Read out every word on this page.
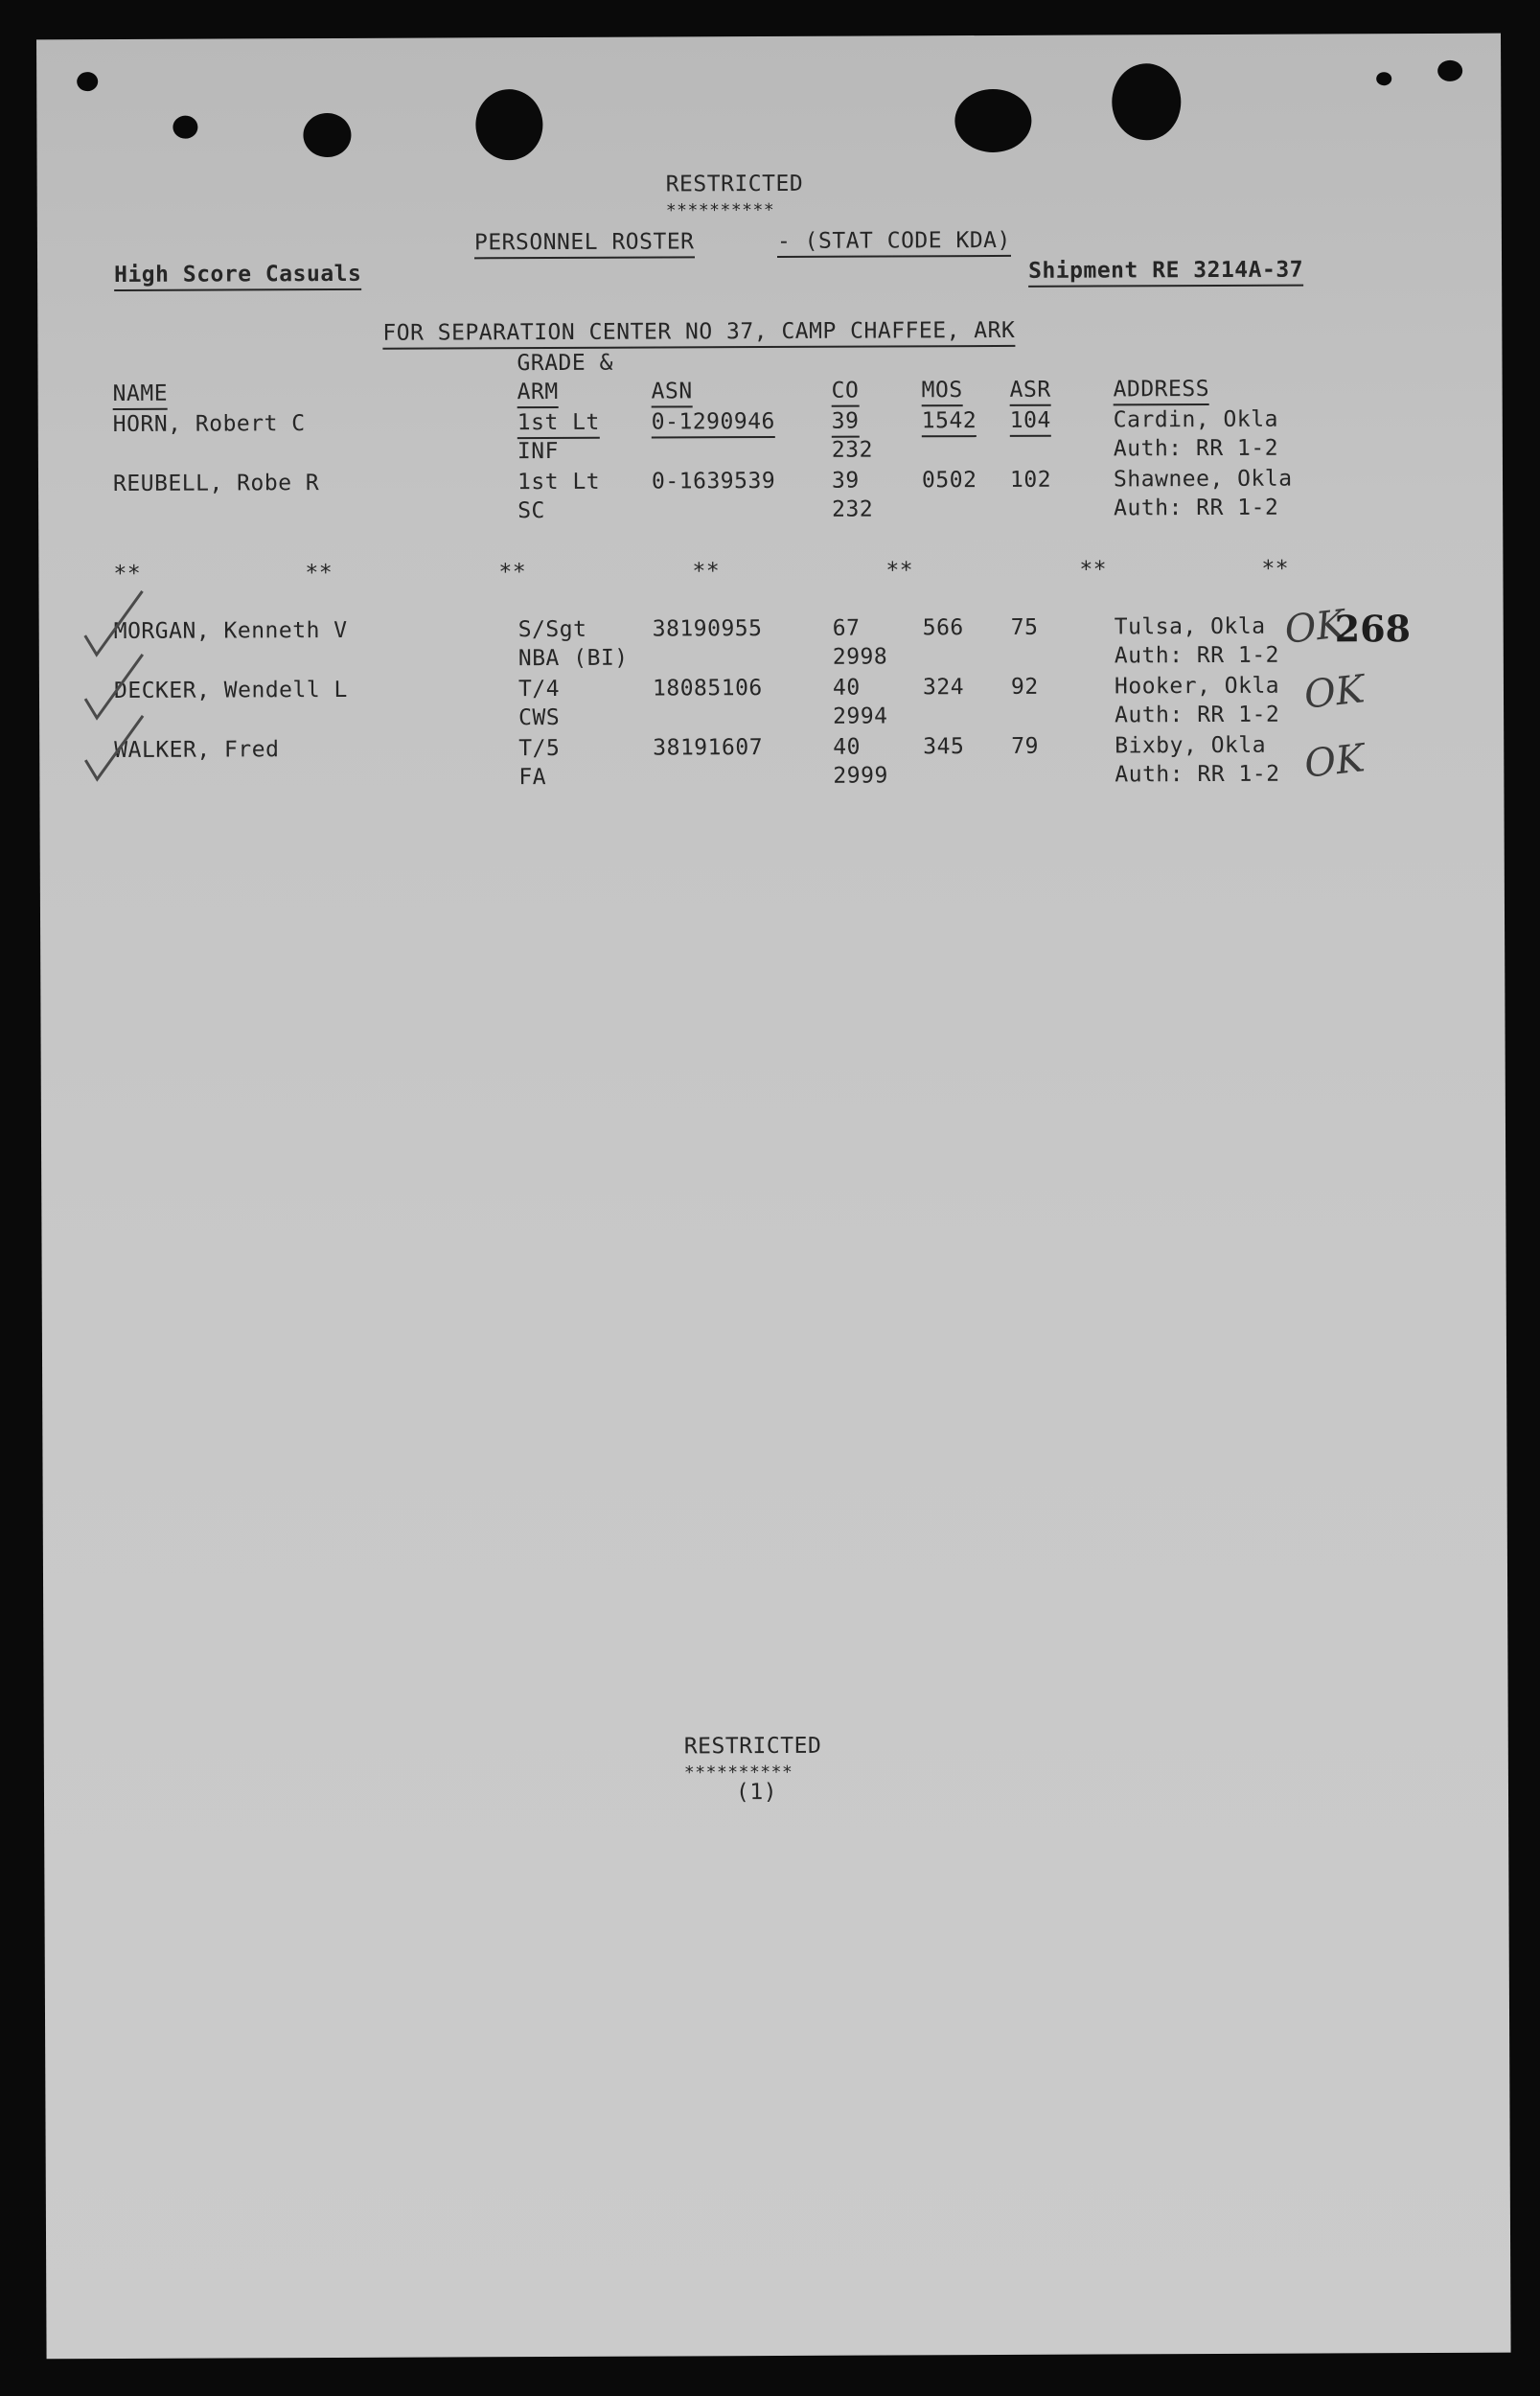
RESTRICTED

**********

PERSONNEL ROSTER	- (STAT CODE KDA)

High Score Casuals	Shipment RE 3214A-37

FOR SEPARATION CENTER NO 37, CAMP CHAFFEE, ARK

GRADE &

NAME	ARM	ASN	CO	MOS ASR	ADDRESS

HORN, Robert C	1st Lt 0-1290946	39	1542 104	Cardin, Okla

INF	232	Auth: RR 1-2

REUBELL, Robe R	1st Lt 0-1639539	39	0502 102	Shawnee, Okla

SC	232	Auth: RR 1-2

**	**	**	**	**	**	**

MORGAN, Kenneth V	S/Sgt	38190955	67	566 75	Tulsa, Okla

NBA (BI)	2998	Auth: RR 1-2

DECKER, Wendell L	T/4	18085106	40	324 92	Hooker, Okla

CWS	2994	Auth: RR 1-2

WALKER, Fred	T/5	38191607	40	345 79	Bixby, Okla

FA	2999	Auth: RR 1-2

OK

268

OK

OK

RESTRICTED

**********

(1)
